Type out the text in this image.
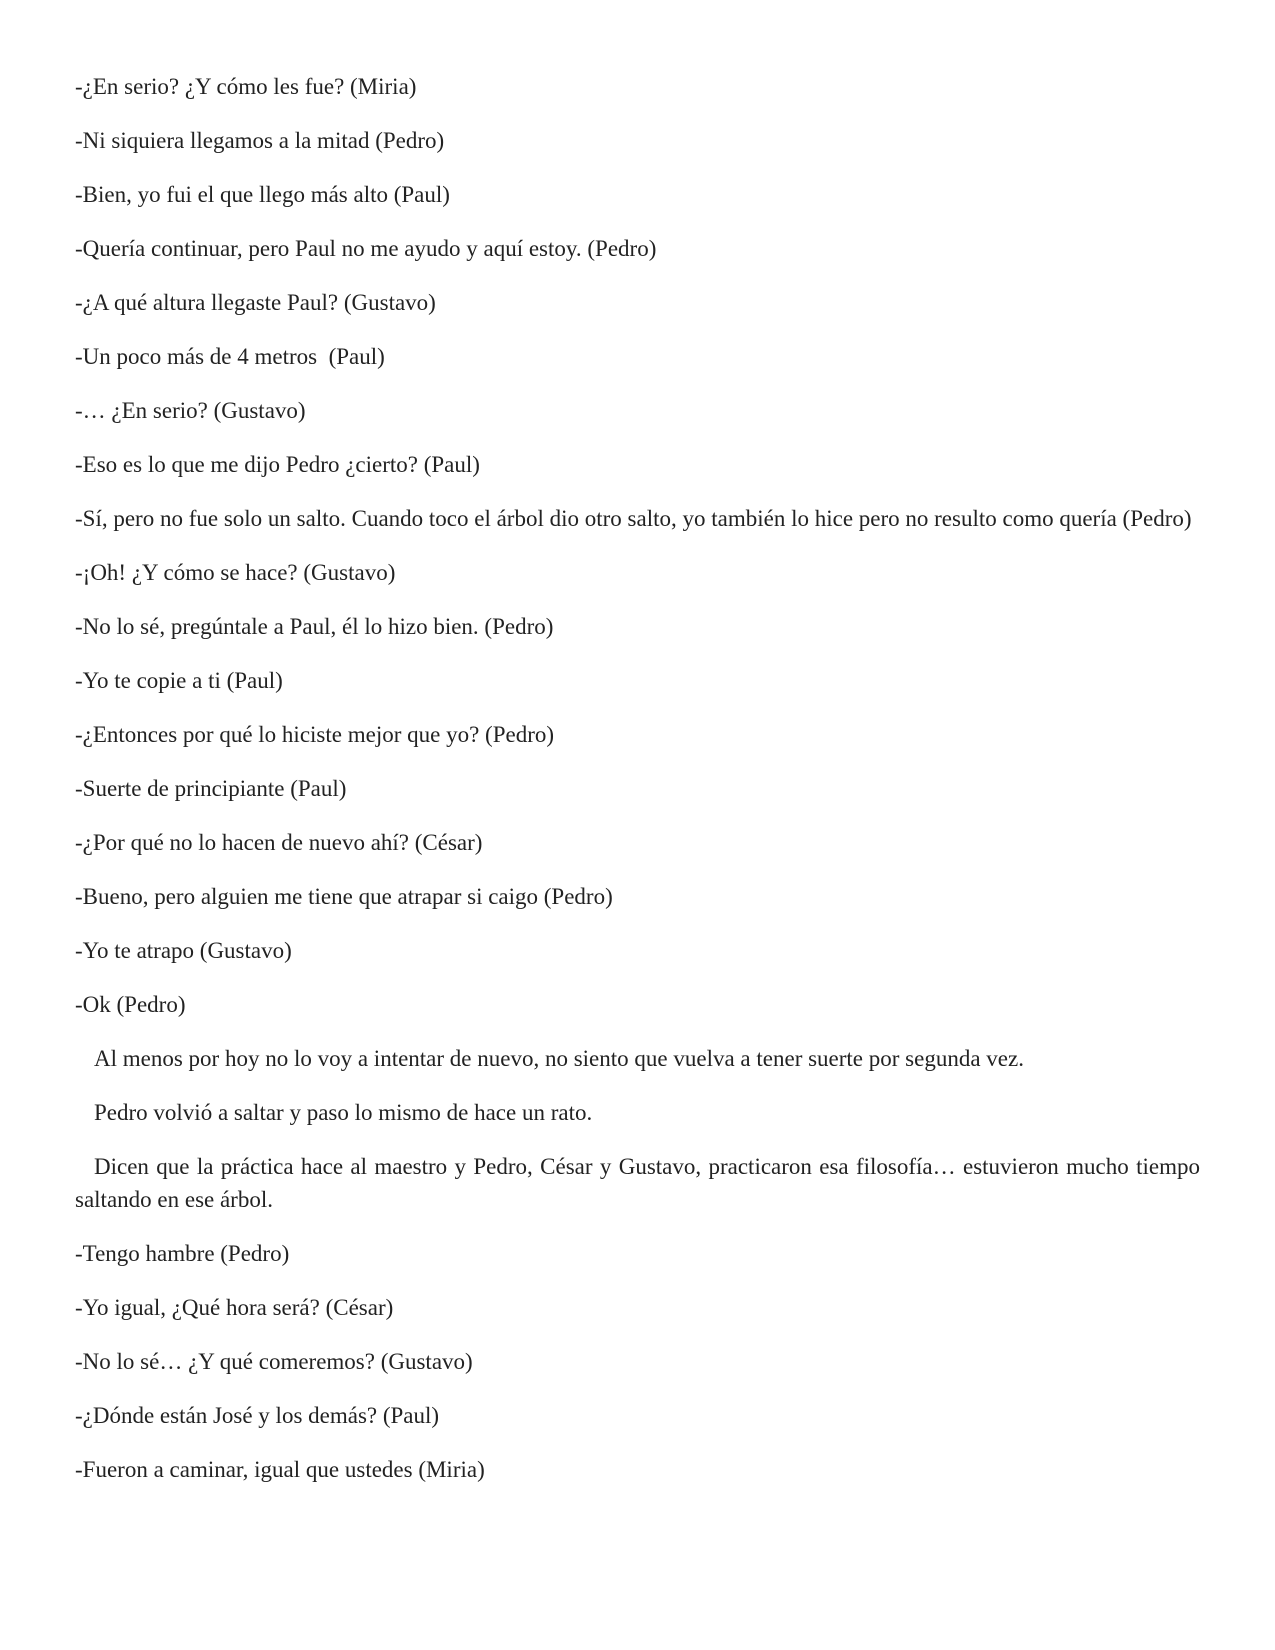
-¿En serio? ¿Y cómo les fue? (Miria)

-Ni siquiera llegamos a la mitad (Pedro)

-Bien, yo fui el que llego más alto (Paul)

-Quería continuar, pero Paul no me ayudo y aquí estoy. (Pedro)

-¿A qué altura llegaste Paul? (Gustavo)

-Un poco más de 4 metros  (Paul)

-… ¿En serio? (Gustavo)

-Eso es lo que me dijo Pedro ¿cierto? (Paul)

-Sí, pero no fue solo un salto. Cuando toco el árbol dio otro salto, yo también lo hice pero no resulto como quería (Pedro)

-¡Oh! ¿Y cómo se hace? (Gustavo)

-No lo sé, pregúntale a Paul, él lo hizo bien. (Pedro)

-Yo te copie a ti (Paul)

-¿Entonces por qué lo hiciste mejor que yo? (Pedro)

-Suerte de principiante (Paul)

-¿Por qué no lo hacen de nuevo ahí? (César)

-Bueno, pero alguien me tiene que atrapar si caigo (Pedro)

-Yo te atrapo (Gustavo)

-Ok (Pedro)

Al menos por hoy no lo voy a intentar de nuevo, no siento que vuelva a tener suerte por segunda vez.

Pedro volvió a saltar y paso lo mismo de hace un rato.

Dicen que la práctica hace al maestro y Pedro, César y Gustavo, practicaron esa filosofía… estuvieron mucho tiempo saltando en ese árbol.

-Tengo hambre (Pedro)

-Yo igual, ¿Qué hora será? (César)

-No lo sé… ¿Y qué comeremos? (Gustavo)

-¿Dónde están José y los demás? (Paul)

-Fueron a caminar, igual que ustedes (Miria)
